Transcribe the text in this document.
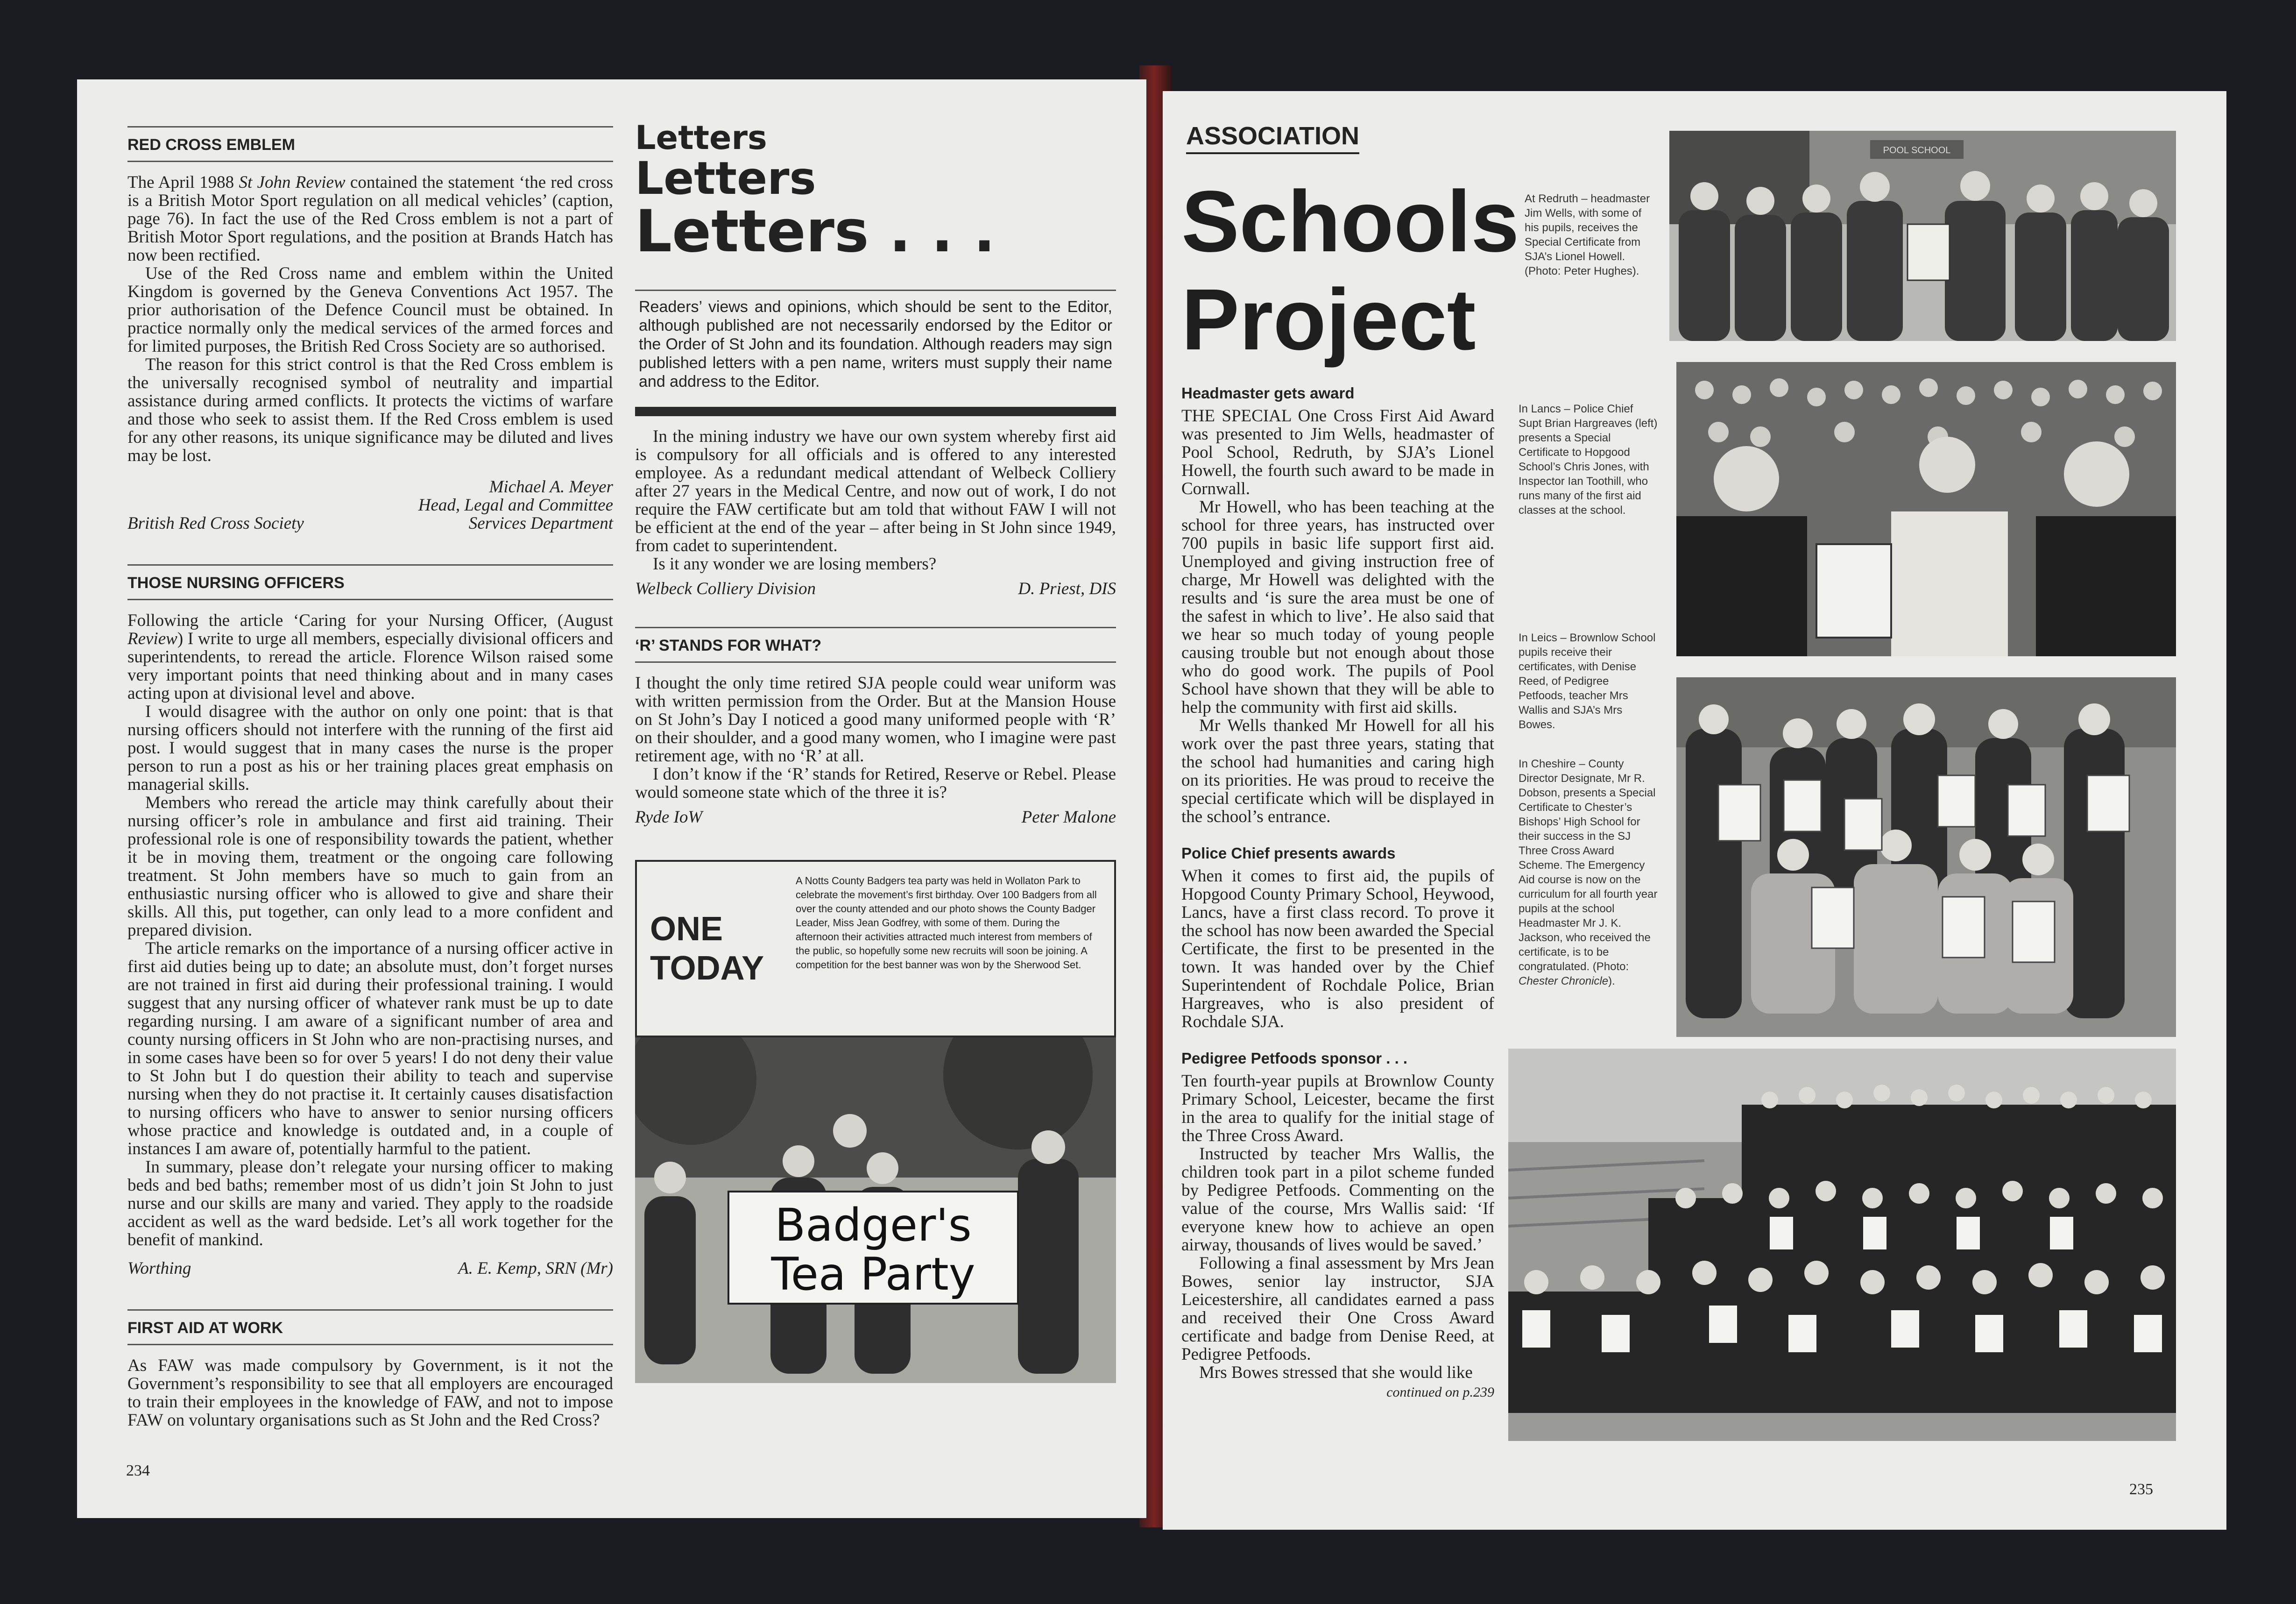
RED CROSS EMBLEM

The April 1988 St John Review contained the statement ‘the red cross is a British Motor Sport regulation on all medical vehicles’ (caption, page 76). In fact the use of the Red Cross emblem is not a part of British Motor Sport regulations, and the position at Brands Hatch has now been rectified.

Use of the Red Cross name and emblem within the United Kingdom is governed by the Geneva Conventions Act 1957. The prior authorisation of the Defence Council must be obtained. In practice normally only the medical services of the armed forces and for limited purposes, the British Red Cross Society are so authorised.

The reason for this strict control is that the Red Cross emblem is the universally recognised symbol of neutrality and impartial assistance during armed conflicts. It protects the victims of warfare and those who seek to assist them. If the Red Cross emblem is used for any other reasons, its unique significance may be diluted and lives may be lost.

Michael A. Meyer
Head, Legal and Committee
British Red Cross Society	Services Department
THOSE NURSING OFFICERS

Following the article ‘Caring for your Nursing Officer, (August Review) I write to urge all members, especially divisional officers and superintendents, to reread the article. Florence Wilson raised some very important points that need thinking about and in many cases acting upon at divisional level and above.

I would disagree with the author on only one point: that is that nursing officers should not interfere with the running of the first aid post. I would suggest that in many cases the nurse is the proper person to run a post as his or her training places great emphasis on managerial skills.

Members who reread the article may think carefully about their nursing officer’s role in ambulance and first aid training. Their professional role is one of responsibility towards the patient, whether it be in moving them, treatment or the ongoing care following treatment. St John members have so much to gain from an enthusiastic nursing officer who is allowed to give and share their skills. All this, put together, can only lead to a more confident and prepared division.

The article remarks on the importance of a nursing officer active in first aid duties being up to date; an absolute must, don’t forget nurses are not trained in first aid during their professional training. I would suggest that any nursing officer of whatever rank must be up to date regarding nursing. I am aware of a significant number of area and county nursing officers in St John who are non-practising nurses, and in some cases have been so for over 5 years! I do not deny their value to St John but I do question their ability to teach and supervise nursing when they do not practise it. It certainly causes disatisfaction to nursing officers who have to answer to senior nursing officers whose practice and knowledge is outdated and, in a couple of instances I am aware of, potentially harmful to the patient.

In summary, please don’t relegate your nursing officer to making beds and bed baths; remember most of us didn’t join St John to just nurse and our skills are many and varied. They apply to the roadside accident as well as the ward bedside. Let’s all work together for the benefit of mankind.

Worthing	A. E. Kemp, SRN (Mr)
FIRST AID AT WORK

As FAW was made compulsory by Government, is it not the Government’s responsibility to see that all employers are encouraged to train their employees in the knowledge of FAW, and not to impose FAW on voluntary organisations such as St John and the Red Cross?

Letters
Letters
Letters . . .
Readers’ views and opinions, which should be sent to the Editor, although published are not necessarily endorsed by the Editor or the Order of St John and its foundation. Although readers may sign published letters with a pen name, writers must supply their name and address to the Editor.

In the mining industry we have our own system whereby first aid is compulsory for all officials and is offered to any interested employee. As a redundant medical attendant of Welbeck Colliery after 27 years in the Medical Centre, and now out of work, I do not require the FAW certificate but am told that without FAW I will not be efficient at the end of the year – after being in St John since 1949, from cadet to superintendent.

Is it any wonder we are losing members?

Welbeck Colliery Division	D. Priest, DIS
‘R’ STANDS FOR WHAT?

I thought the only time retired SJA people could wear uniform was with written permission from the Order. But at the Mansion House on St John’s Day I noticed a good many uniformed people with ‘R’ on their shoulder, and a good many women, who I imagine were past retirement age, with no ‘R’ at all.

I don’t know if the ‘R’ stands for Retired, Reserve or Rebel. Please would someone state which of the three it is?

Ryde IoW	Peter Malone
ONE
TODAY
A Notts County Badgers tea party was held in Wollaton Park to celebrate the movement’s first birthday. Over 100 Badgers from all over the county attended and our photo shows the County Badger Leader, Miss Jean Godfrey, with some of them. During the afternoon their activities attracted much interest from members of the public, so hopefully some new recruits will soon be joining. A competition for the best banner was won by the Sherwood Set.
Badger's
Tea Party
234
ASSOCIATION
Schools
Project
Headmaster gets award

THE SPECIAL One Cross First Aid Award was presented to Jim Wells, headmaster of Pool School, Redruth, by SJA’s Lionel Howell, the fourth such award to be made in Cornwall.

Mr Howell, who has been teaching at the school for three years, has instructed over 700 pupils in basic life support first aid. Unemployed and giving instruction free of charge, Mr Howell was delighted with the results and ‘is sure the area must be one of the safest in which to live’. He also said that we hear so much today of young people causing trouble but not enough about those who do good work. The pupils of Pool School have shown that they will be able to help the community with first aid skills.

Mr Wells thanked Mr Howell for all his work over the past three years, stating that the school had humanities and caring high on its priorities. He was proud to receive the special certificate which will be displayed in the school’s entrance.

Police Chief presents awards

When it comes to first aid, the pupils of Hopgood County Primary School, Heywood, Lancs, have a first class record. To prove it the school has now been awarded the Special Certificate, the first to be presented in the town. It was handed over by the Chief Superintendent of Rochdale Police, Brian Hargreaves, who is also president of Rochdale SJA.

Pedigree Petfoods sponsor . . .

Ten fourth-year pupils at Brownlow County Primary School, Leicester, became the first in the area to qualify for the initial stage of the Three Cross Award.

Instructed by teacher Mrs Wallis, the children took part in a pilot scheme funded by Pedigree Petfoods. Commenting on the value of the course, Mrs Wallis said: ‘If everyone knew how to achieve an open airway, thousands of lives would be saved.’

Following a final assessment by Mrs Jean Bowes, senior lay instructor, SJA Leicestershire, all candidates earned a pass and received their One Cross Award certificate and badge from Denise Reed, at Pedigree Petfoods.

Mrs Bowes stressed that she would like

continued on p.239
At Redruth – headmaster Jim Wells, with some of his pupils, receives the Special Certificate from SJA’s Lionel Howell. (Photo: Peter Hughes).
In Lancs – Police Chief Supt Brian Hargreaves (left) presents a Special Certificate to Hopgood School’s Chris Jones, with Inspector Ian Toothill, who runs many of the first aid classes at the school.
In Leics – Brownlow School pupils receive their certificates, with Denise Reed, of Pedigree Petfoods, teacher Mrs Wallis and SJA’s Mrs Bowes.
In Cheshire – County Director Designate, Mr R. Dobson, presents a Special Certificate to Chester’s Bishops’ High School for their success in the SJ Three Cross Award Scheme. The Emergency Aid course is now on the curriculum for all fourth year pupils at the school Headmaster Mr J. K. Jackson, who received the certificate, is to be congratulated. (Photo: Chester Chronicle).
POOL SCHOOL
235
